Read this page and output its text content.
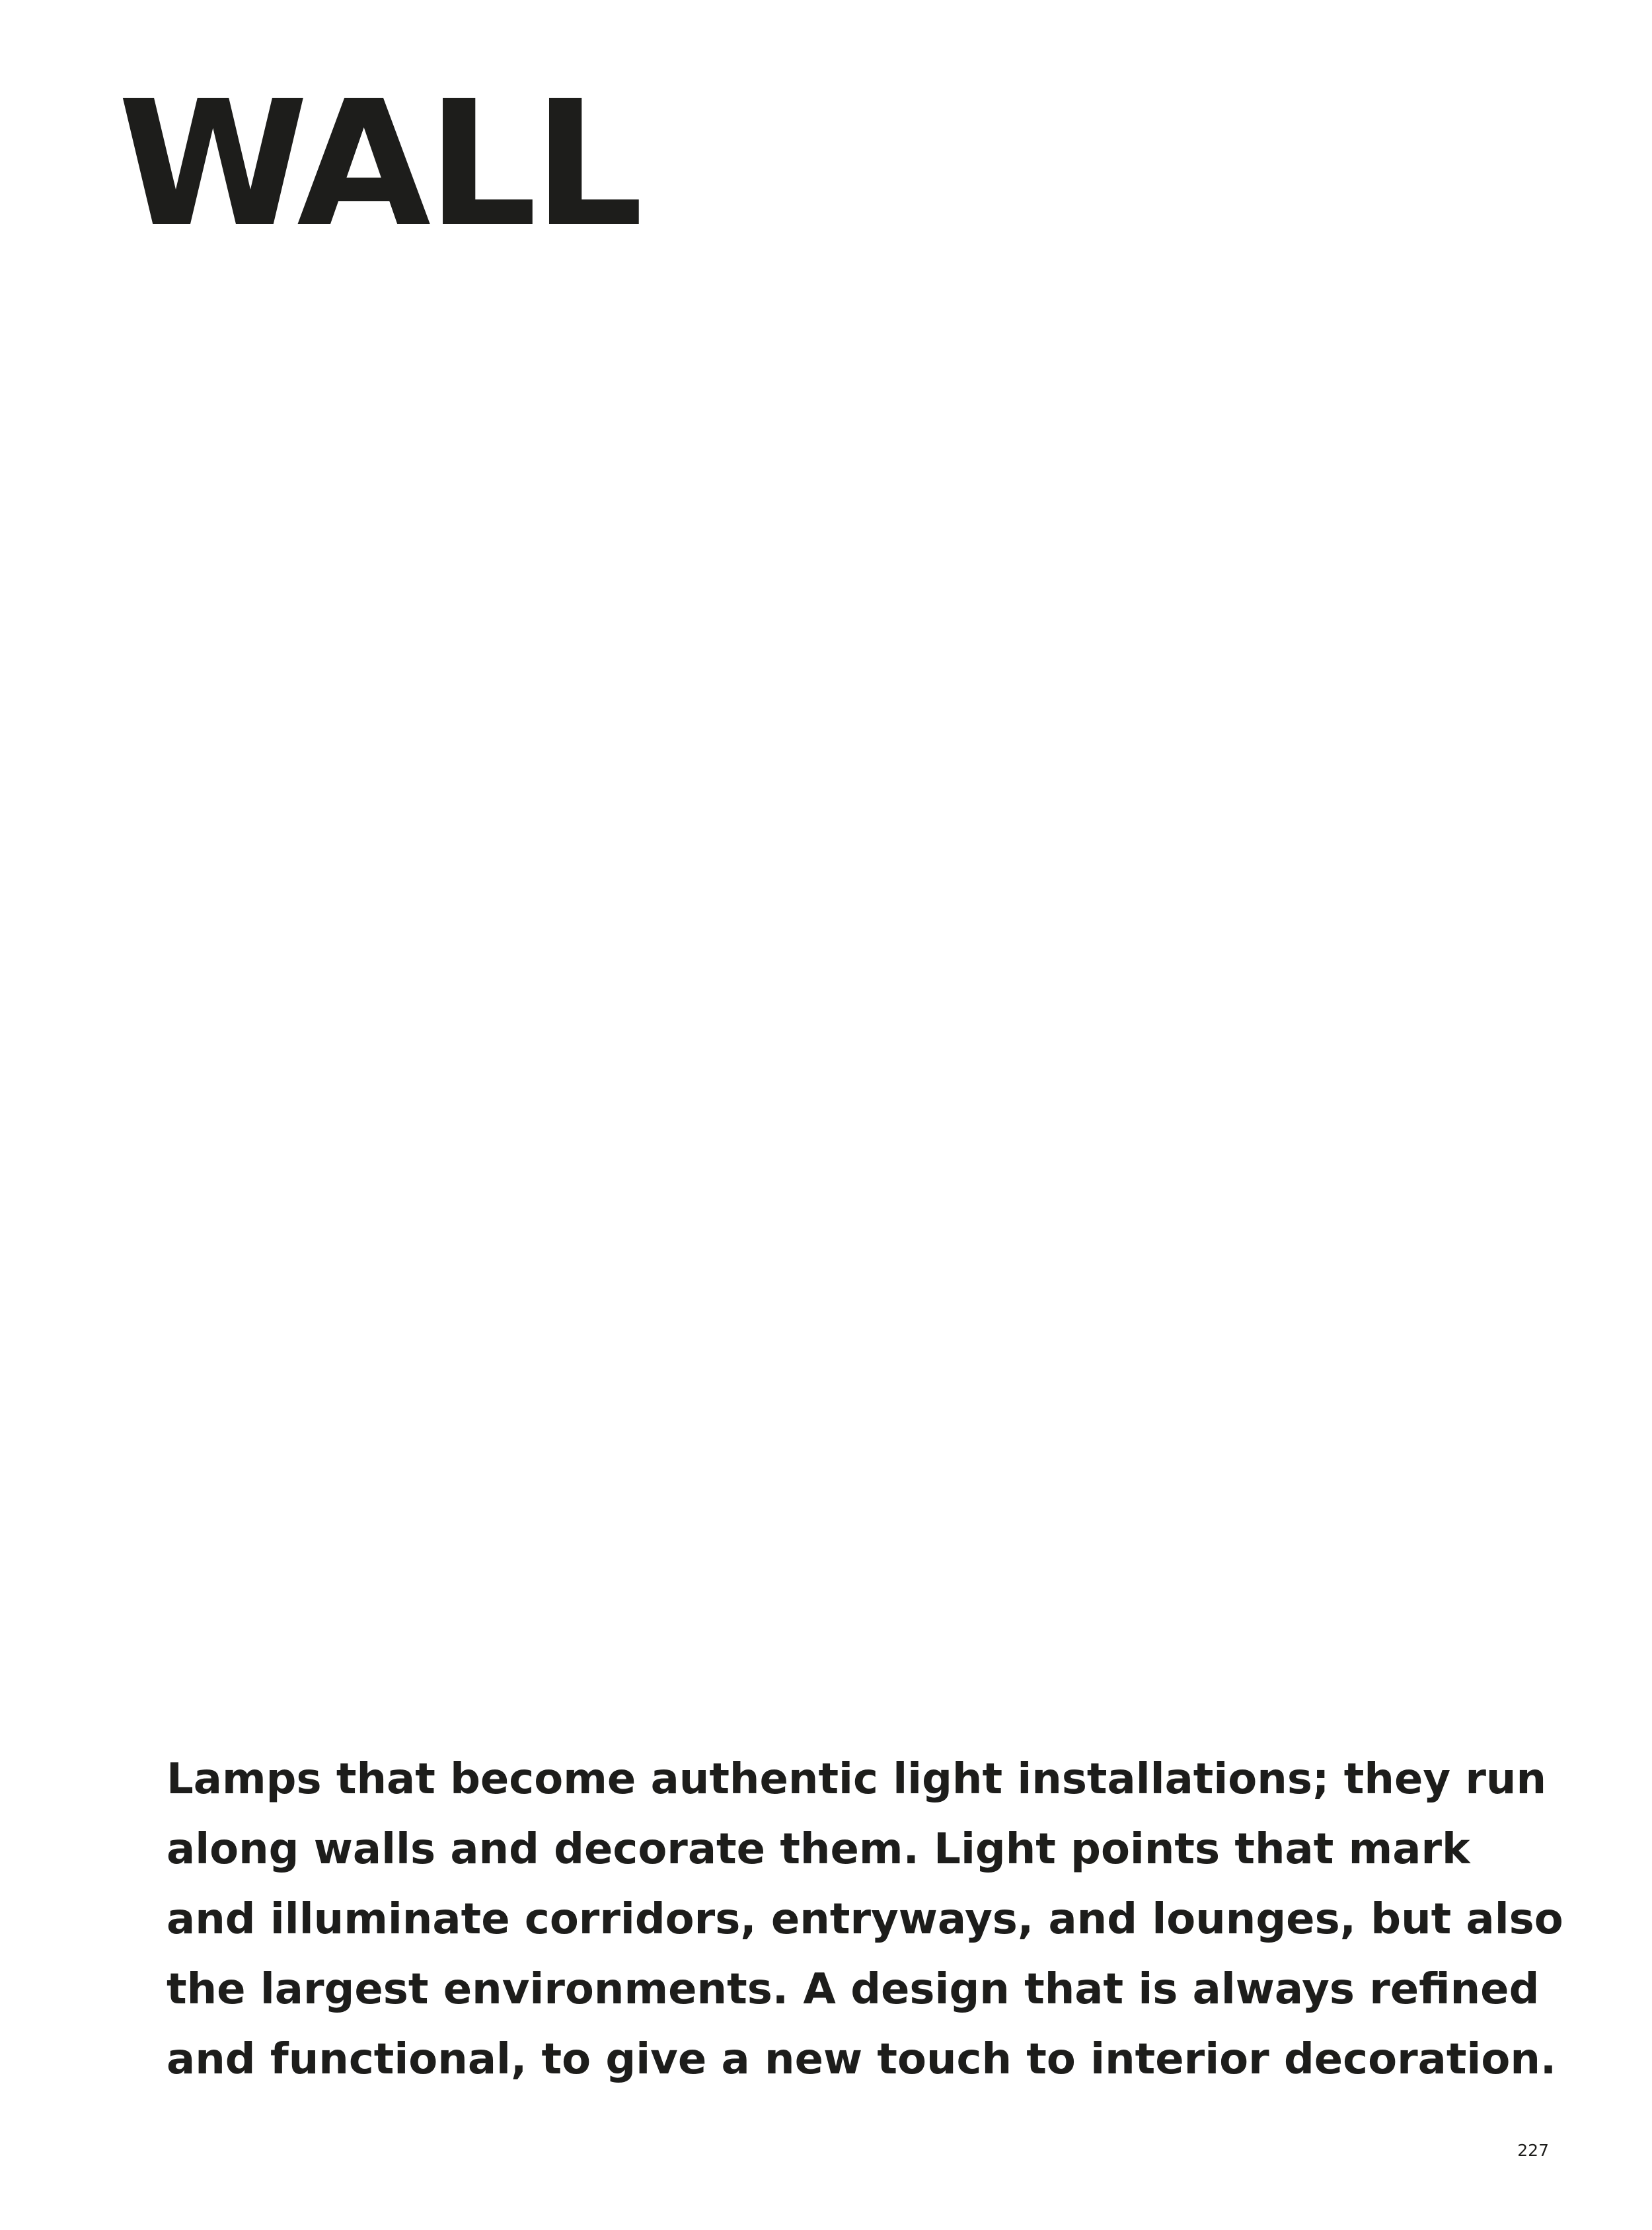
WALL

Lamps that become authentic light installations; they run
along walls and decorate them. Light points that mark
and illuminate corridors, entryways, and lounges, but also
the largest environments. A design that is always refined
and functional, to give a new touch to interior decoration.

227
